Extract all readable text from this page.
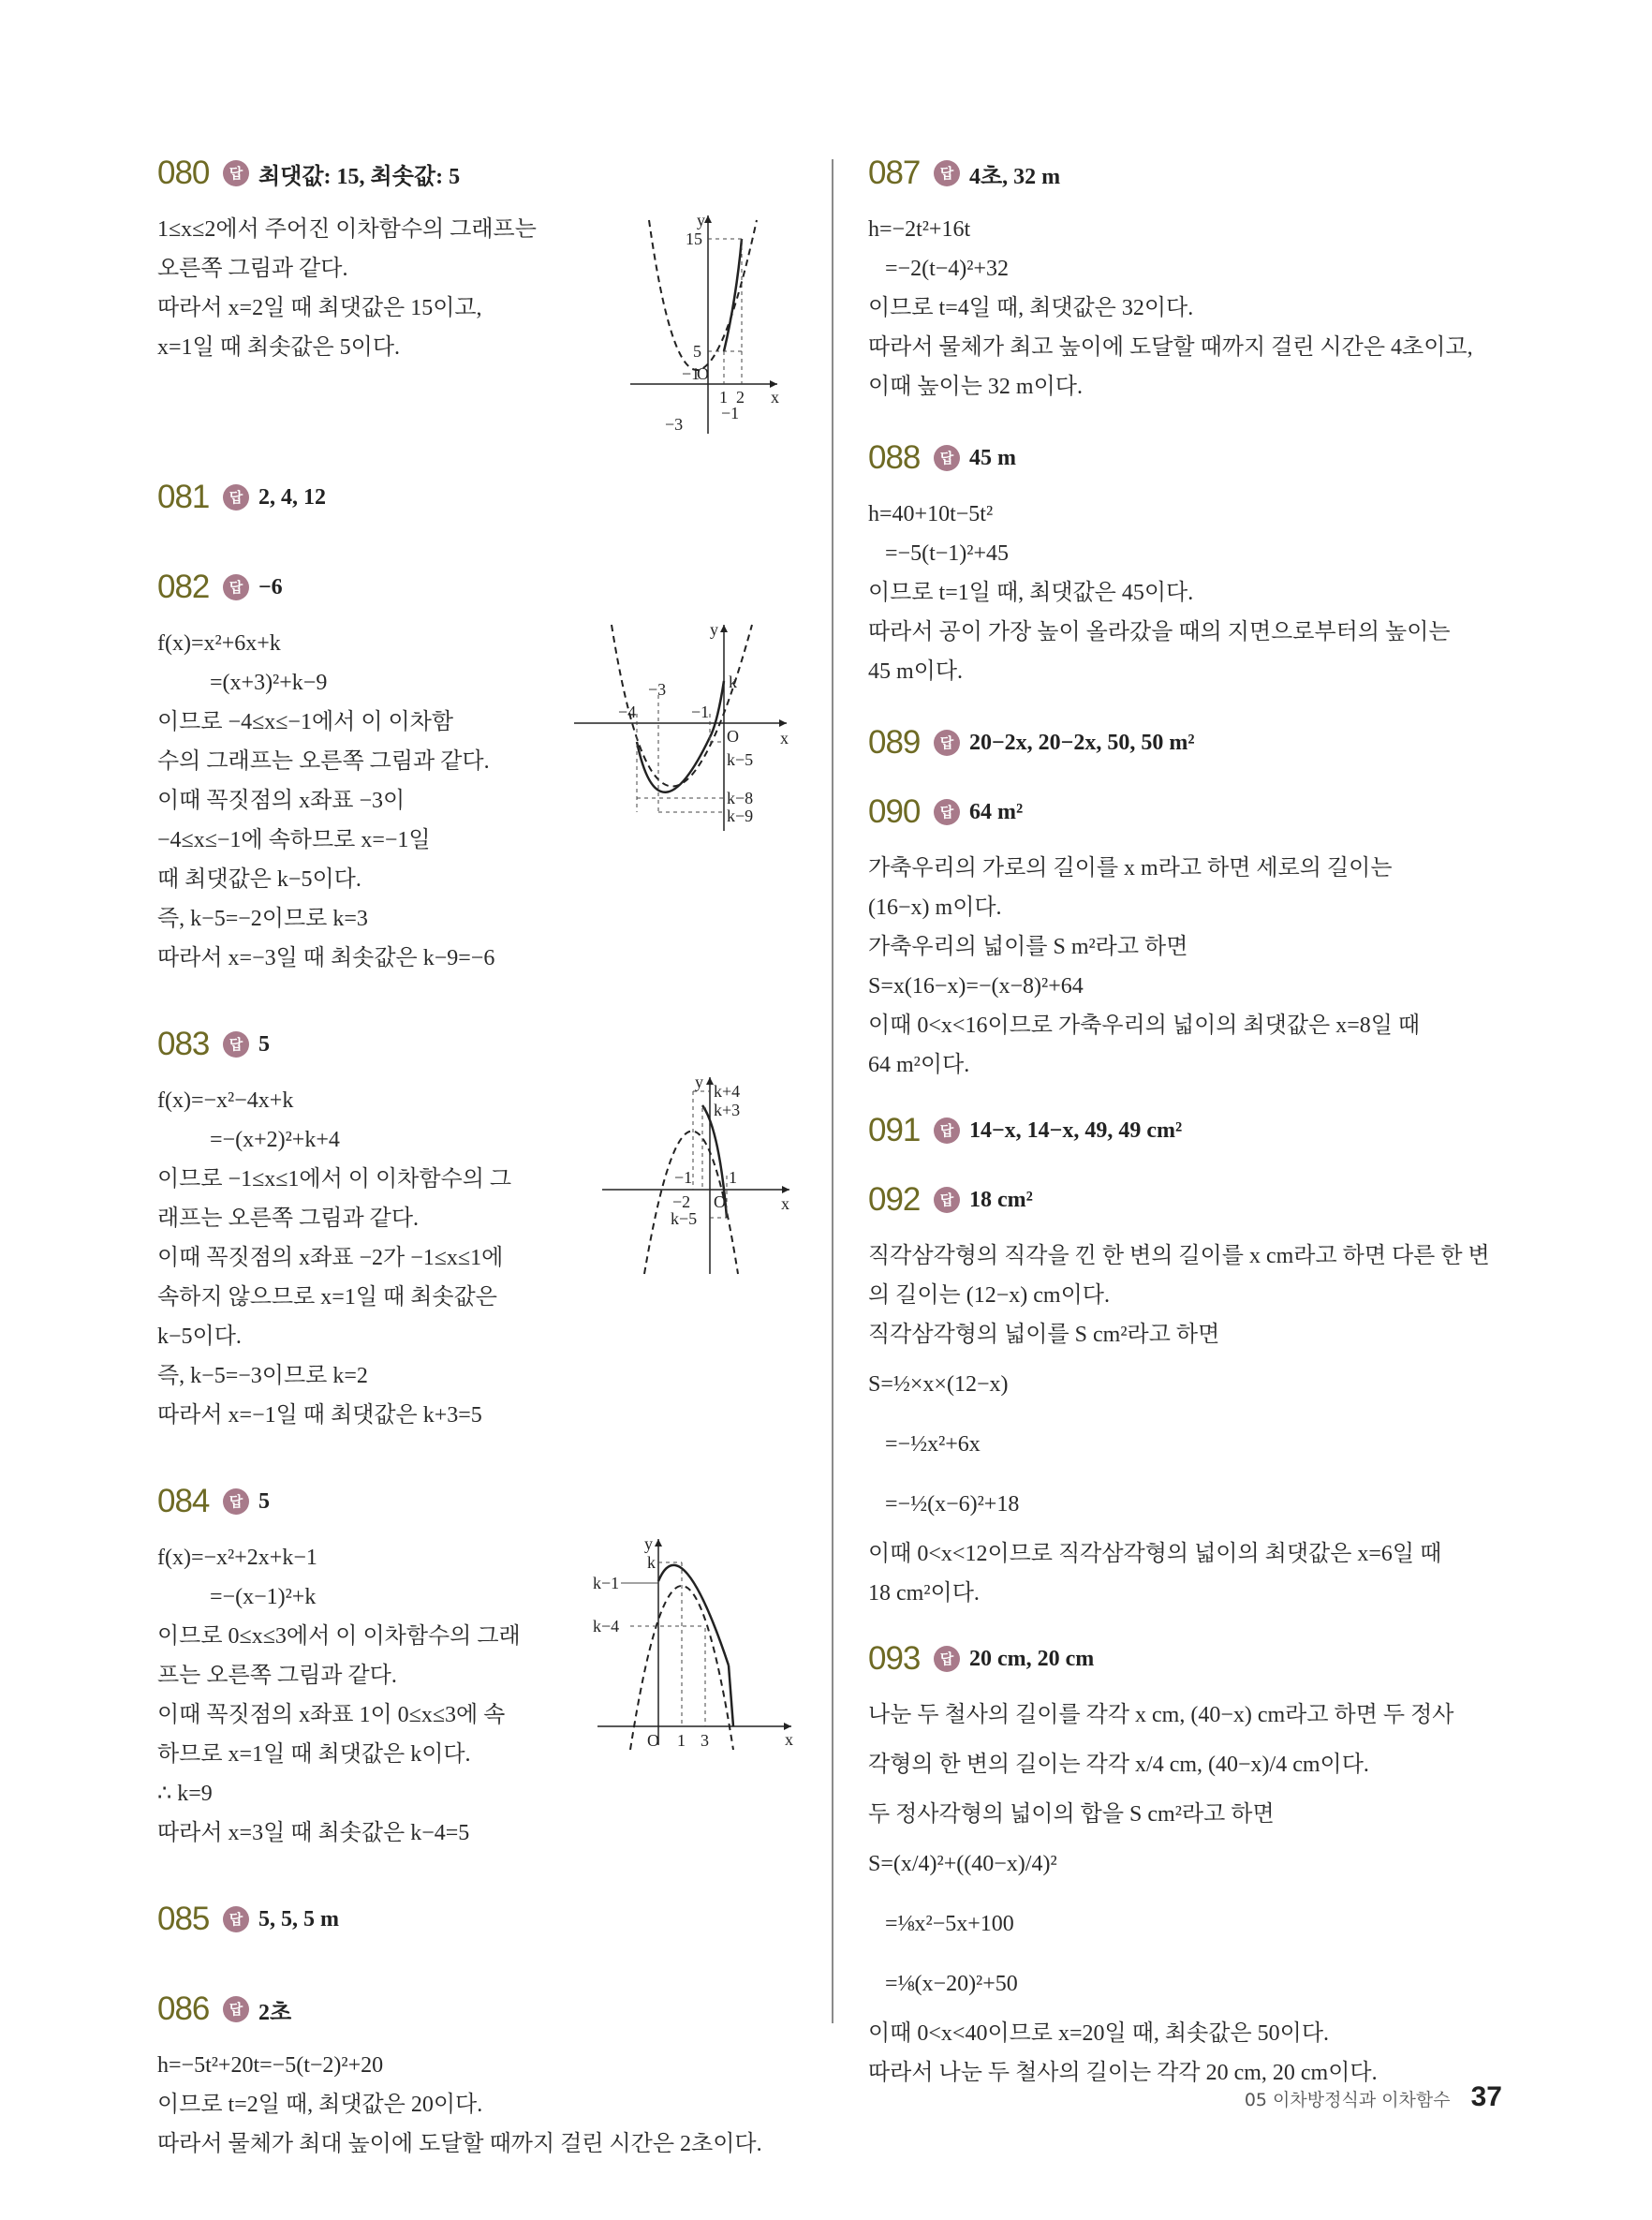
080	답 최댓값: 15, 최솟값: 5
1≤x≤2에서 주어진 이차함수의 그래프는
오른쪽 그림과 같다.
따라서 x=2일 때 최댓값은 15이고,
x=1일 때 최솟값은 5이다.
y
x
15
5
−1
O
1 2
−1
−3
081	답 2, 4, 12
082	답 −6
f(x)=x²+6x+k
=(x+3)²+k−9
이므로 −4≤x≤−1에서 이 이차함
수의 그래프는 오른쪽 그림과 같다.
이때 꼭짓점의 x좌표 −3이
−4≤x≤−1에 속하므로 x=−1일
때 최댓값은 k−5이다.
즉, k−5=−2이므로 k=3
따라서 x=−3일 때 최솟값은 k−9=−6
y
x
k
O
k−5
k−8
k−9
−3
−4	−1
083	답 5
f(x)=−x²−4x+k
=−(x+2)²+k+4
이므로 −1≤x≤1에서 이 이차함수의 그
래프는 오른쪽 그림과 같다.
이때 꼭짓점의 x좌표 −2가 −1≤x≤1에
속하지 않으므로 x=1일 때 최솟값은
k−5이다.
즉, k−5=−3이므로 k=2
따라서 x=−1일 때 최댓값은 k+3=5
y
x
k+4
k+3
−1 1
−2 O
k−5
084	답 5
f(x)=−x²+2x+k−1
=−(x−1)²+k
이므로 0≤x≤3에서 이 이차함수의 그래
프는 오른쪽 그림과 같다.
이때 꼭짓점의 x좌표 1이 0≤x≤3에 속
하므로 x=1일 때 최댓값은 k이다.
∴ k=9
따라서 x=3일 때 최솟값은 k−4=5
y
x
k
k−1
k−4
O 1 3
085	답 5, 5, 5 m
086	답 2초
h=−5t²+20t=−5(t−2)²+20
이므로 t=2일 때, 최댓값은 20이다.
따라서 물체가 최대 높이에 도달할 때까지 걸린 시간은 2초이다.
087	답 4초, 32 m
h=−2t²+16t
=−2(t−4)²+32
이므로 t=4일 때, 최댓값은 32이다.
따라서 물체가 최고 높이에 도달할 때까지 걸린 시간은 4초이고,
이때 높이는 32 m이다.
088	답 45 m
h=40+10t−5t²
=−5(t−1)²+45
이므로 t=1일 때, 최댓값은 45이다.
따라서 공이 가장 높이 올라갔을 때의 지면으로부터의 높이는
45 m이다.
089	답 20−2x, 20−2x, 50, 50 m²
090	답 64 m²
가축우리의 가로의 길이를 x m라고 하면 세로의 길이는
(16−x) m이다.
가축우리의 넓이를 S m²라고 하면
S=x(16−x)=−(x−8)²+64
이때 0<x<16이므로 가축우리의 넓이의 최댓값은 x=8일 때
64 m²이다.
091	답 14−x, 14−x, 49, 49 cm²
092	답 18 cm²
직각삼각형의 직각을 낀 한 변의 길이를 x cm라고 하면 다른 한 변
의 길이는 (12−x) cm이다.
직각삼각형의 넓이를 S cm²라고 하면
S=½×x×(12−x)
=−½x²+6x
=−½(x−6)²+18
이때 0<x<12이므로 직각삼각형의 넓이의 최댓값은 x=6일 때
18 cm²이다.
093	답 20 cm, 20 cm
나눈 두 철사의 길이를 각각 x cm, (40−x) cm라고 하면 두 정사
각형의 한 변의 길이는 각각 x/4 cm, (40−x)/4 cm이다.
두 정사각형의 넓이의 합을 S cm²라고 하면
S=(x/4)²+((40−x)/4)²
=⅛x²−5x+100
=⅛(x−20)²+50
이때 0<x<40이므로 x=20일 때, 최솟값은 50이다.
따라서 나눈 두 철사의 길이는 각각 20 cm, 20 cm이다.
05 이차방정식과 이차함수 37
